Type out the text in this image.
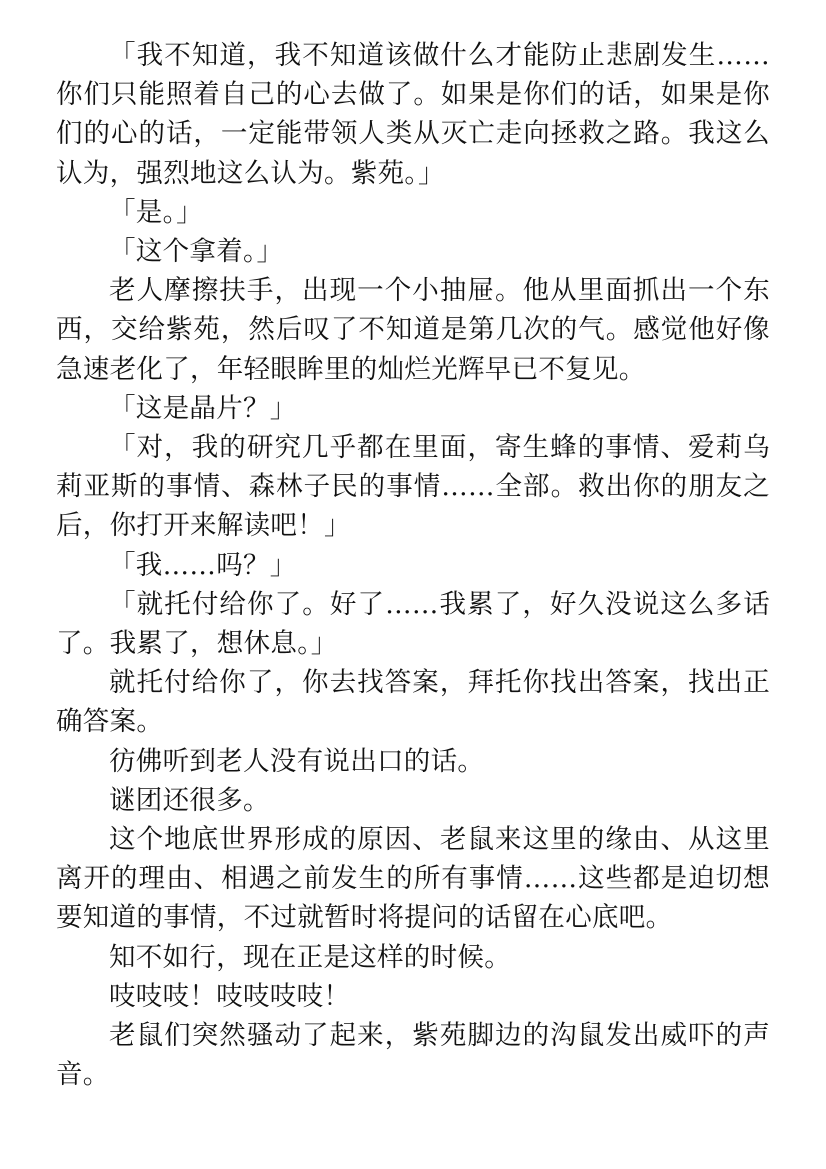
「我不知道，我不知道该做什么才能防止悲剧发生……你们只能照着自己的心去做了。如果是你们的话，如果是你们的心的话，一定能带领人类从灭亡走向拯救之路。我这么认为，强烈地这么认为。紫苑。」

「是。」

「这个拿着。」

老人摩擦扶手，出现一个小抽屉。他从里面抓出一个东西，交给紫苑，然后叹了不知道是第几次的气。感觉他好像急速老化了，年轻眼眸里的灿烂光辉早已不复见。

「这是晶片？」

「对，我的研究几乎都在里面，寄生蜂的事情、爱莉乌莉亚斯的事情、森林子民的事情……全部。救出你的朋友之后，你打开来解读吧！」

「我……吗？」

「就托付给你了。好了……我累了，好久没说这么多话了。我累了，想休息。」

就托付给你了，你去找答案，拜托你找出答案，找出正确答案。

彷佛听到老人没有说出口的话。

谜团还很多。

这个地底世界形成的原因、老鼠来这里的缘由、从这里离开的理由、相遇之前发生的所有事情……这些都是迫切想要知道的事情，不过就暂时将提问的话留在心底吧。

知不如行，现在正是这样的时候。

吱吱吱！吱吱吱吱！

老鼠们突然骚动了起来，紫苑脚边的沟鼠发出威吓的声音。
